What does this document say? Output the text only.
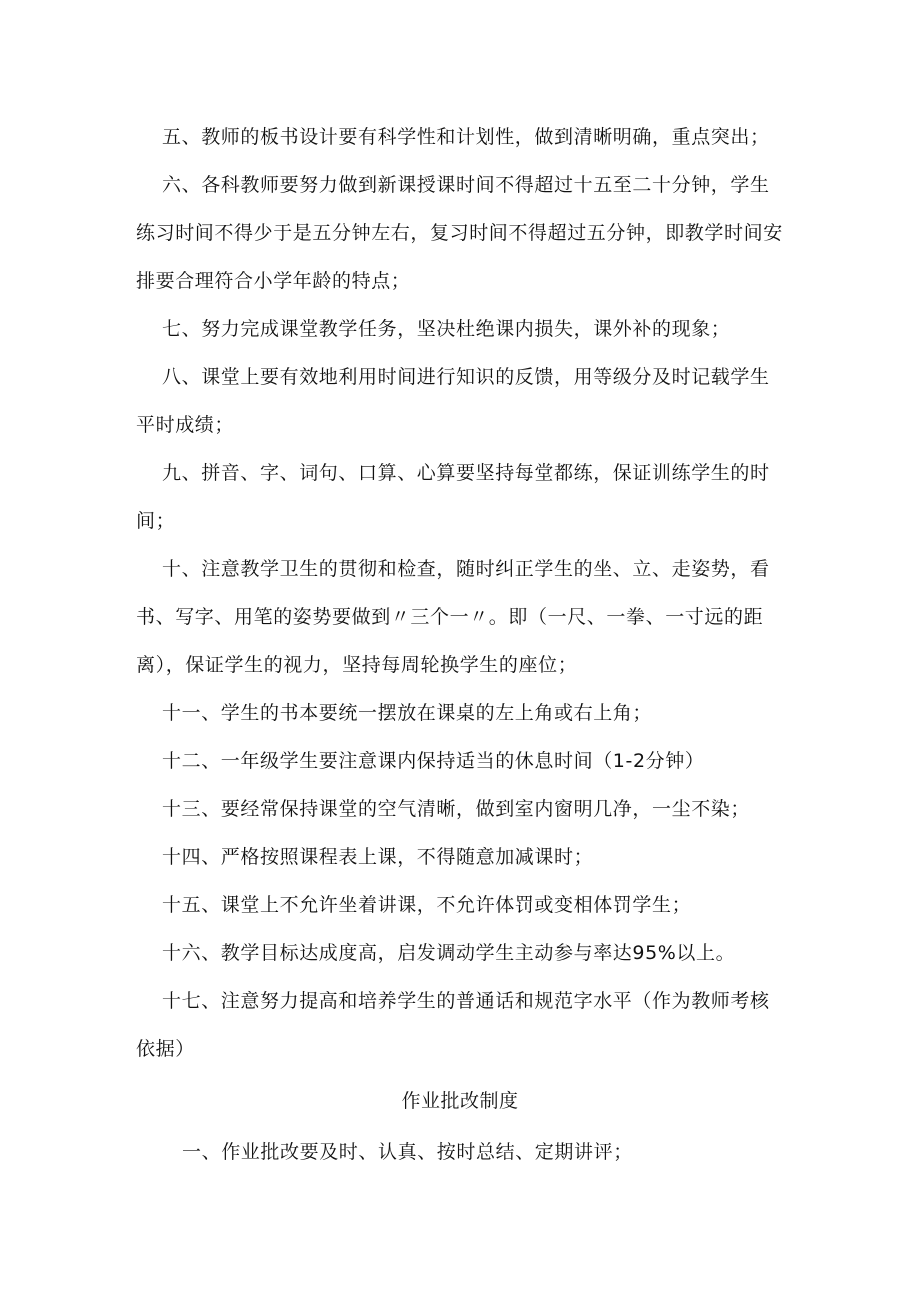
五、教师的板书设计要有科学性和计划性，做到清晰明确，重点突出；

六、各科教师要努力做到新课授课时间不得超过十五至二十分钟，学生练习时间不得少于是五分钟左右，复习时间不得超过五分钟，即教学时间安排要合理符合小学年龄的特点；

七、努力完成课堂教学任务，坚决杜绝课内损失，课外补的现象；

八、课堂上要有效地利用时间进行知识的反馈，用等级分及时记载学生平时成绩；

九、拼音、字、词句、口算、心算要坚持每堂都练，保证训练学生的时间；

十、注意教学卫生的贯彻和检查，随时纠正学生的坐、立、走姿势，看书、写字、用笔的姿势要做到〃三个一〃。即（一尺、一拳、一寸远的距离），保证学生的视力，坚持每周轮换学生的座位；

十一、学生的书本要统一摆放在课桌的左上角或右上角；

十二、一年级学生要注意课内保持适当的休息时间（1-2分钟）

十三、要经常保持课堂的空气清晰，做到室内窗明几净，一尘不染；

十四、严格按照课程表上课，不得随意加减课时；

十五、课堂上不允许坐着讲课，不允许体罚或变相体罚学生；

十六、教学目标达成度高，启发调动学生主动参与率达95%以上。

十七、注意努力提高和培养学生的普通话和规范字水平（作为教师考核依据）

作业批改制度

一、作业批改要及时、认真、按时总结、定期讲评；
